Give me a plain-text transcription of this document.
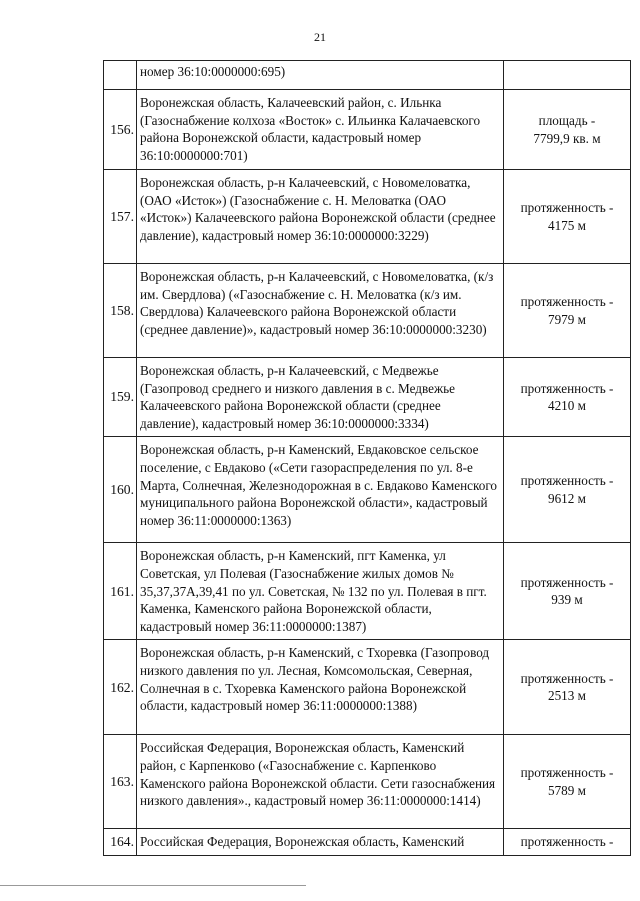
21
	номер 36:10:0000000:695)	

156.	Воронежская область, Калачеевский район, с. Ильнка (Газоснабжение колхоза «Восток» с. Ильинка Калачаевского района Воронежской области, кадастровый номер 36:10:0000000:701)	площадь -
7799,9 кв. м

157.	Воронежская область, р-н Калачеевский, с Новомеловатка, (ОАО «Исток») (Газоснабжение с. Н. Меловатка (ОАО «Исток») Калачеевского района Воронежской области (среднее давление), кадастровый номер 36:10:0000000:3229)	протяженность -
4175 м

158.	Воронежская область, р-н Калачеевский, с Новомеловатка, (к/з им. Свердлова) («Газоснабжение с. Н. Меловатка (к/з им. Свердлова) Калачеевского района Воронежской области (среднее давление)», кадастровый номер 36:10:0000000:3230)	протяженность -
7979 м

159.	Воронежская область, р-н Калачеевский, с Медвежье (Газопровод среднего и низкого давления в с. Медвежье Калачеевского района Воронежской области (среднее давление), кадастровый номер 36:10:0000000:3334)	протяженность -
4210 м

160.	Воронежская область, р-н Каменский, Евдаковское сельское поселение, с Евдаково («Сети газораспределения по ул. 8-е Марта, Солнечная, Железнодорожная в с. Евдаково Каменского муниципального района Воронежской области», кадастровый номер 36:11:0000000:1363)	протяженность -
9612 м

161.	Воронежская область, р-н Каменский, пгт Каменка, ул Советская, ул Полевая (Газоснабжение жилых домов № 35,37,37А,39,41 по ул. Советская, № 132 по ул. Полевая в пгт. Каменка, Каменского района Воронежской области, кадастровый номер 36:11:0000000:1387)	протяженность -
939 м

162.	Воронежская область, р-н Каменский, с Тхоревка (Газопровод низкого давления по ул. Лесная, Комсомольская, Северная, Солнечная в с. Тхоревка Каменского района Воронежской области, кадастровый номер 36:11:0000000:1388)	протяженность -
2513 м

163.	Российская Федерация, Воронежская область, Каменский район, с Карпенково («Газоснабжение с. Карпенково Каменского района Воронежской области. Сети газоснабжения низкого давления»., кадастровый номер 36:11:0000000:1414)	протяженность -
5789 м

164.	Российская Федерация, Воронежская область, Каменский	протяженность -
